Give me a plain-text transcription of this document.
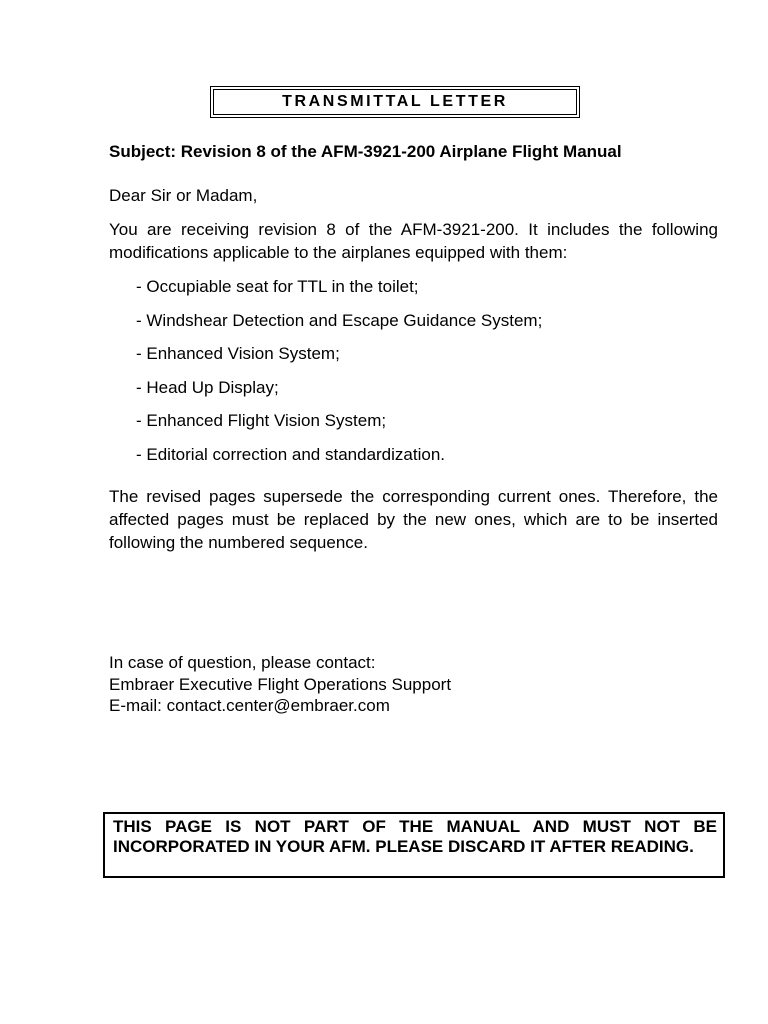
TRANSMITTAL LETTER
Subject: Revision 8 of the AFM-3921-200 Airplane Flight Manual
Dear Sir or Madam,
You are receiving revision 8 of the AFM-3921-200. It includes the following modifications applicable to the airplanes equipped with them:
- Occupiable seat for TTL in the toilet;
- Windshear Detection and Escape Guidance System;
- Enhanced Vision System;
- Head Up Display;
- Enhanced Flight Vision System;
- Editorial correction and standardization.
The revised pages supersede the corresponding current ones. Therefore, the affected pages must be replaced by the new ones, which are to be inserted following the numbered sequence.
In case of question, please contact:
Embraer Executive Flight Operations Support
E-mail: contact.center@embraer.com
THIS PAGE IS NOT PART OF THE MANUAL AND MUST NOT BE INCORPORATED IN YOUR AFM. PLEASE DISCARD IT AFTER READING.
